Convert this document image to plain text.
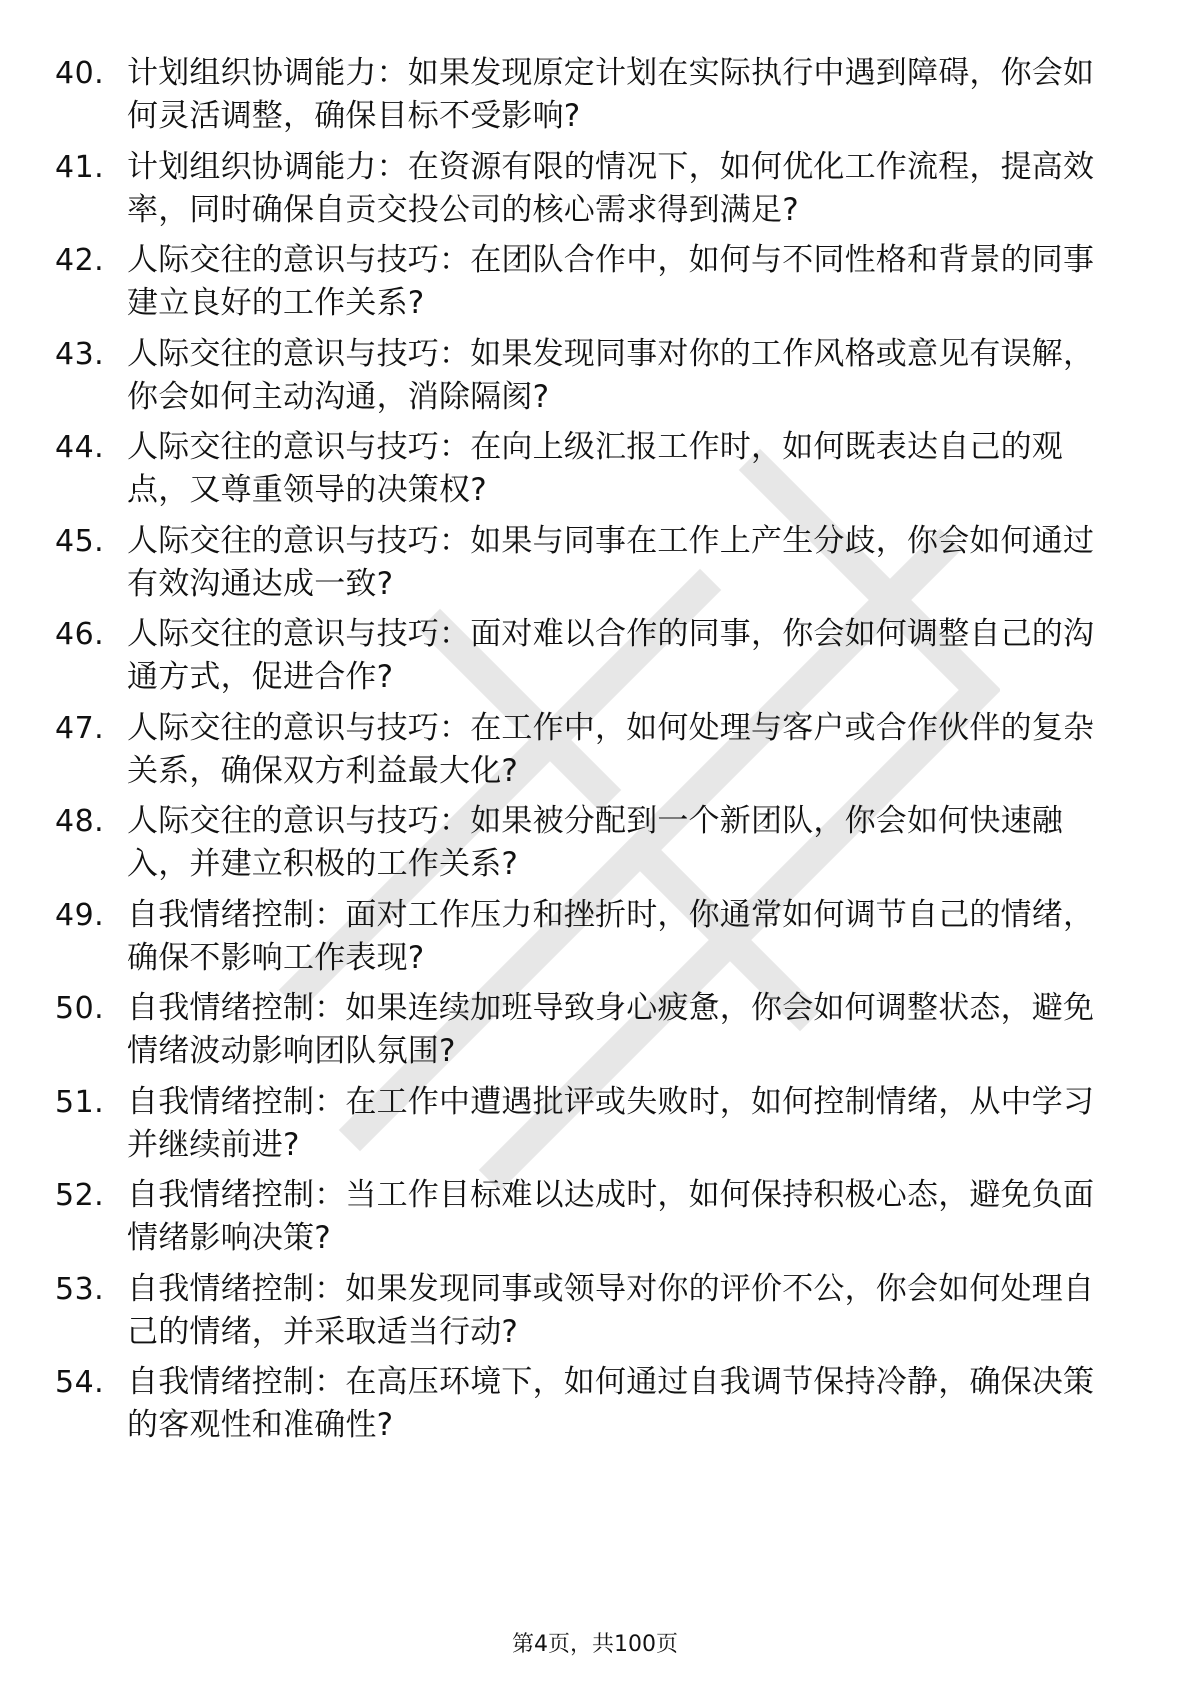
40. 计划组织协调能力：如果发现原定计划在实际执行中遇到障碍，你会如何灵活调整，确保目标不受影响?
41. 计划组织协调能力：在资源有限的情况下，如何优化工作流程，提高效率，同时确保自贡交投公司的核心需求得到满足?
42. 人际交往的意识与技巧：在团队合作中，如何与不同性格和背景的同事建立良好的工作关系?
43. 人际交往的意识与技巧：如果发现同事对你的工作风格或意见有误解，你会如何主动沟通，消除隔阂?
44. 人际交往的意识与技巧：在向上级汇报工作时，如何既表达自己的观点，又尊重领导的决策权?
45. 人际交往的意识与技巧：如果与同事在工作上产生分歧，你会如何通过有效沟通达成一致?
46. 人际交往的意识与技巧：面对难以合作的同事，你会如何调整自己的沟通方式，促进合作?
47. 人际交往的意识与技巧：在工作中，如何处理与客户或合作伙伴的复杂关系，确保双方利益最大化?
48. 人际交往的意识与技巧：如果被分配到一个新团队，你会如何快速融入，并建立积极的工作关系?
49. 自我情绪控制：面对工作压力和挫折时，你通常如何调节自己的情绪，确保不影响工作表现?
50. 自我情绪控制：如果连续加班导致身心疲惫，你会如何调整状态，避免情绪波动影响团队氛围?
51. 自我情绪控制：在工作中遭遇批评或失败时，如何控制情绪，从中学习并继续前进?
52. 自我情绪控制：当工作目标难以达成时，如何保持积极心态，避免负面情绪影响决策?
53. 自我情绪控制：如果发现同事或领导对你的评价不公，你会如何处理自己的情绪，并采取适当行动?
54. 自我情绪控制：在高压环境下，如何通过自我调节保持冷静，确保决策的客观性和准确性?
第4页，共100页
